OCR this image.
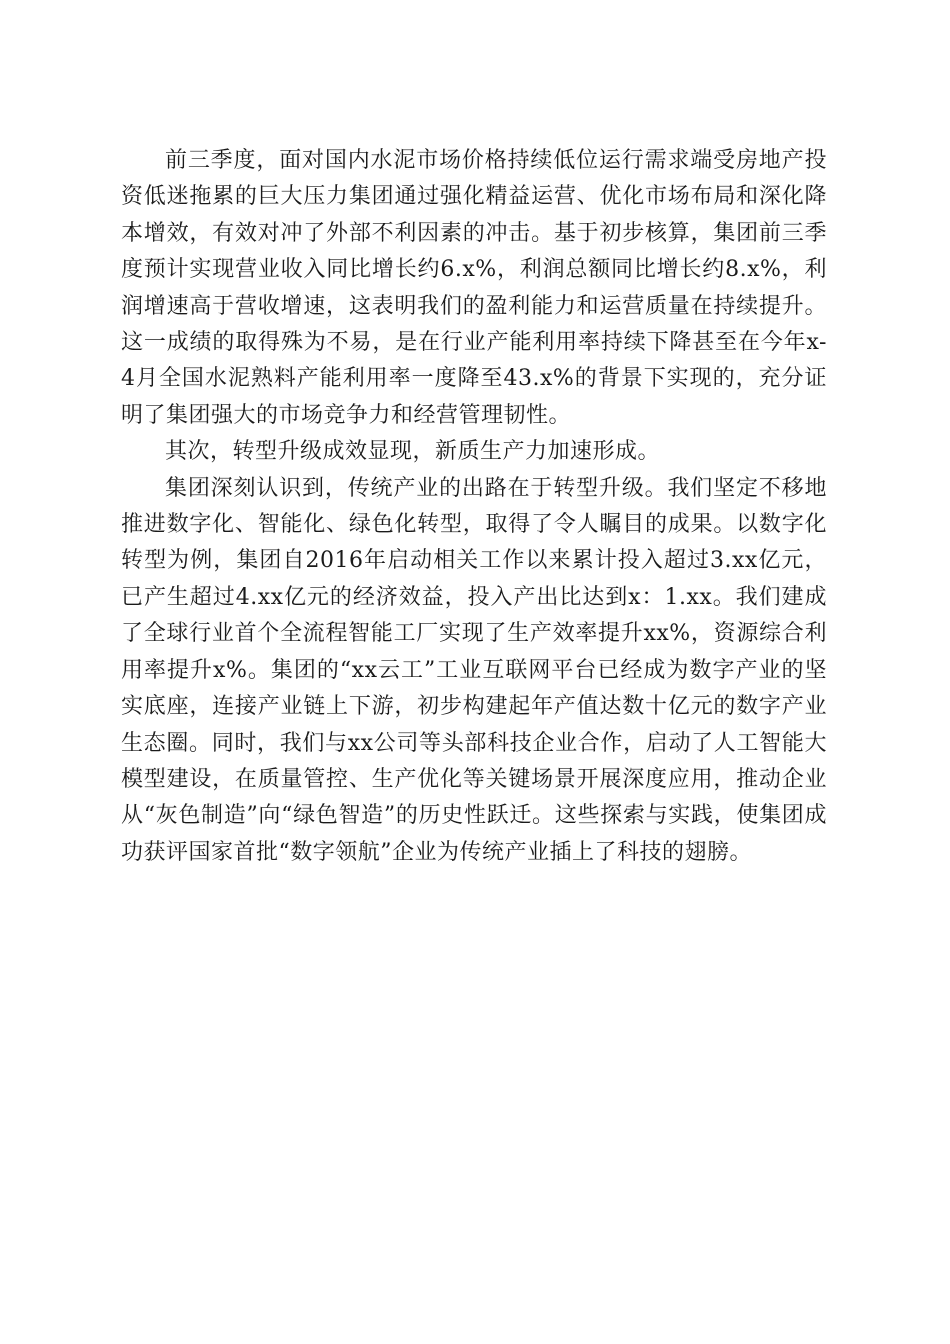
前三季度，面对国内水泥市场价格持续低位运行需求端受房地产投资低迷拖累的巨大压力集团通过强化精益运营、优化市场布局和深化降本增效，有效对冲了外部不利因素的冲击。基于初步核算，集团前三季度预计实现营业收入同比增长约6.x%，利润总额同比增长约8.x%，利润增速高于营收增速，这表明我们的盈利能力和运营质量在持续提升。这一成绩的取得殊为不易，是在行业产能利用率持续下降甚至在今年x-4月全国水泥熟料产能利用率一度降至43.x%的背景下实现的，充分证明了集团强大的市场竞争力和经营管理韧性。

其次，转型升级成效显现，新质生产力加速形成。

集团深刻认识到，传统产业的出路在于转型升级。我们坚定不移地推进数字化、智能化、绿色化转型，取得了令人瞩目的成果。以数字化转型为例，集团自2016年启动相关工作以来累计投入超过3.xx亿元，已产生超过4.xx亿元的经济效益，投入产出比达到x：1.xx。我们建成了全球行业首个全流程智能工厂实现了生产效率提升xx%，资源综合利用率提升x%。集团的“xx云工”工业互联网平台已经成为数字产业的坚实底座，连接产业链上下游，初步构建起年产值达数十亿元的数字产业生态圈。同时，我们与xx公司等头部科技企业合作，启动了人工智能大模型建设，在质量管控、生产优化等关键场景开展深度应用，推动企业从“灰色制造”向“绿色智造”的历史性跃迁。这些探索与实践，使集团成功获评国家首批“数字领航”企业为传统产业插上了科技的翅膀。
